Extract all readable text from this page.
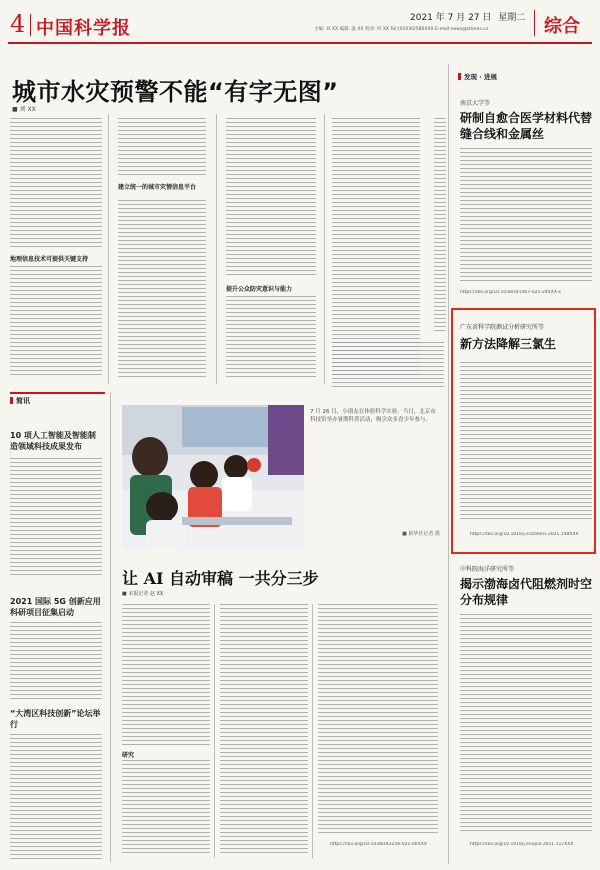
4 中国科学报	2021 年 7 月 27 日 星期二
主编: 刘 XX 编辑: 温 XX 校对: 何 XX Tel:(010)62580XXX E-mail:news@stimes.cn	综合
城市水灾预警不能“有字无图”
■ 刘 XX
地理信息技术可提供关键支持
建立统一的城市灾情信息平台
提升公众防灾意识与能力
简讯
10 项人工智能及智能制造领域科技成果发布
2021 国际 5G 创新应用科研项目征集启动
“大湾区科技创新”论坛举行
7 月 26 日，小朋友在体验科学实验。当日，北京市科技馆举办暑期科普活动，吸引众多青少年参与。
■ 新华社记者 摄
让 AI 自动审稿 一共分三步
■ 本报记者 赵 XX
研究
https://doi.org/10.1038/s42256-021-00XXX
发现 · 进展
南京大学等
研制自愈合医学材料代替缝合线和金属丝
https://doi.org/10.1038/s41467-021-24XXX-x
广东省科学院测试分析研究所等
新方法降解三氯生
https://doi.org/10.1016/j.scitotenv.2021.148XXX
中科院海洋研究所等
揭示渤海卤代阻燃剂时空分布规律
https://doi.org/10.1016/j.envpol.2021.117XXX
